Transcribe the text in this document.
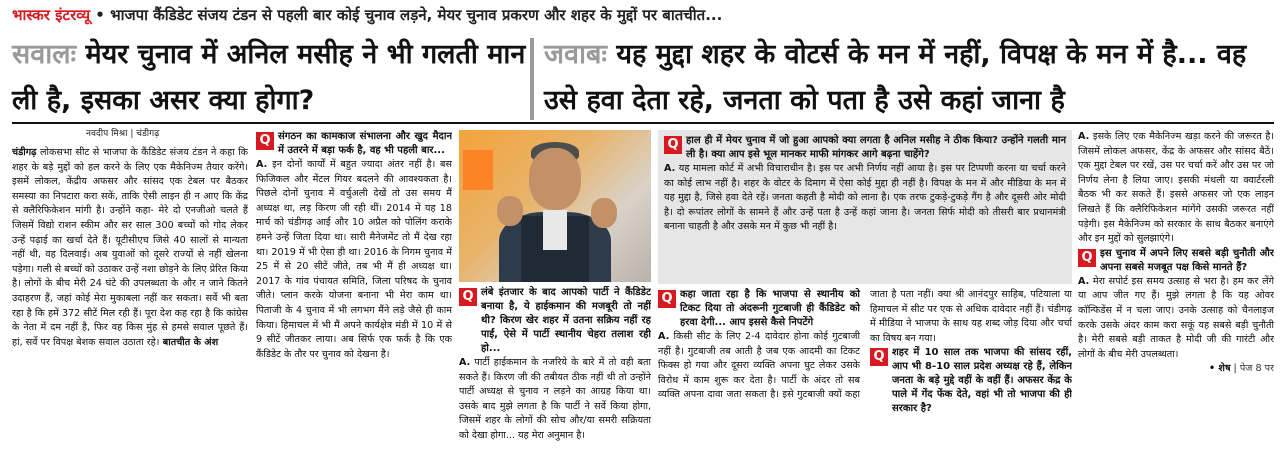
भास्कर इंटरव्यू • भाजपा कैंडिडेट संजय टंडन से पहली बार कोई चुनाव लड़ने, मेयर चुनाव प्रकरण और शहर के मुद्दों पर बातचीत...
सवालः मेयर चुनाव में अनिल मसीह ने भी गलती मान ली है, इसका असर क्या होगा?
जवाबः यह मुद्दा शहर के वोटर्स के मन में नहीं, विपक्ष के मन में है... वह उसे हवा देता रहे, जनता को पता है उसे कहां जाना है
नवदीप मिश्रा | चंडीगढ़

चंडीगढ़ लोकसभा सीट से भाजपा के कैंडिडेट संजय टंडन ने कहा कि शहर के बड़े मुद्दों को हल करने के लिए एक मैकेनिज्म तैयार करेंगे। इसमें लोकल, केंद्रीय अफसर और सांसद एक टेबल पर बैठकर समस्या का निपटारा करा सकें, ताकि ऐसी लाइन ही न आए कि केंद्र से क्लैरिफिकेशन मांगी है। उन्होंने कहा- मेरे दो एनजीओ चलते हैं जिसमें विद्यो राशन स्कीम और सर साल 300 बच्चों को गोद लेकर उन्हें पढ़ाई का खर्चा देते हैं। यूटीसीएच जिसे 40 सालों से मान्यता नहीं थी, वह दिलवाई। अब युवाओं को दूसरे राज्यों से नहीं खेलना पड़ेगा। गली से बच्चों को उठाकर उन्हें नशा छोड़ने के लिए प्रेरित किया है। लोगों के बीच मेरी 24 घंटे की उपलब्धता के और न जाने कितने उदाहरण हैं, जहां कोई मेरा मुकाबला नहीं कर सकता। सर्वे भी बता रहा है कि हमें 372 सीटें मिल रही हैं। पूरा देश कह रहा है कि कांग्रेस के नेता में दम नहीं है, फिर वह किस मुंह से हमसे सवाल पूछते हैं। हां, सर्वे पर विपक्ष बेशक सवाल उठाता रहे। बातचीत के अंश

Q संगठन का कामकाज संभालना और खुद मैदान में उतरने में बड़ा फर्क है, वह भी पहली बार...

A. इन दोनों कार्यों में बहुत ज्यादा अंतर नहीं है। बस फिजिकल और मेंटल गियर बदलने की आवश्यकता है। पिछले दोनों चुनाव में वर्चुअली देखें तो उस समय मैं अध्यक्ष था, लड़ किरण जी रही थीं। 2014 में यह 18 मार्च को चंडीगढ़ आईं और 10 अप्रैल को पोलिंग कराके हमने उन्हें जिता दिया था। सारी मैनेजमेंट तो मैं देख रहा था। 2019 में भी ऐसा ही था। 2016 के निगम चुनाव में 25 में से 20 सीटें जीते, तब भी मैं ही अध्यक्ष था। 2017 के गांव पंचायत समिति, जिला परिषद के चुनाव जीते। प्लान करके योजना बनाना भी मेरा काम था। पिताजी के 4 चुनाव में भी लगभग मैंने लड़े जैसे ही काम किया। हिमाचल में भी मैं अपने कार्यक्षेत्र मंडी में 10 में से 9 सीटें जीतकर लाया। अब सिर्फ एक फर्क है कि एक कैंडिडेट के तौर पर चुनाव को देखना है।

Q लंबे इंतजार के बाद आपको पार्टी ने कैंडिडेट बनाया है, ये हाईकमान की मजबूरी तो नहीं थी? किरण खेर शहर में उतना सक्रिय नहीं रह पाईं, ऐसे में पार्टी स्थानीय चेहरा तलाश रही हो...

A. पार्टी हाईकमान के नजरिये के बारे में तो वही बता सकते हैं। किरण जी की तबीयत ठीक नहीं थी तो उन्होंने पार्टी अध्यक्ष से चुनाव न लड़ने का आग्रह किया था। उसके बाद मुझे लगता है कि पार्टी ने सर्वे किया होगा, जिसमें शहर के लोगों की सोच और/या समरी सक्रियता को देखा होगा... यह मेरा अनुमान है।

Q हाल ही में मेयर चुनाव में जो हुआ आपको क्या लगता है अनिल मसीह ने ठीक किया? उन्होंने गलती मान ली है। क्या आप इसे भूल मानकर माफी मांगकर आगे बढ़ना चाहेंगे?

A. यह मामला कोर्ट में अभी विचाराधीन है। इस पर अभी निर्णय नहीं आया है। इस पर टिप्पणी करना या चर्चा करने का कोई लाभ नहीं है। शहर के वोटर के दिमाग में ऐसा कोई मुद्दा ही नहीं है। विपक्ष के मन में और मीडिया के मन में यह मुद्दा है, जिसे हवा देते रहें। जनता कहती है मोदी को लाना है। एक तरफ टुकड़े-टुकड़े गैंग है और दूसरी ओर मोदी है। दो रूपांतर लोगों के सामने हैं और उन्हें पता है उन्हें कहां जाना है। जनता सिर्फ मोदी को तीसरी बार प्रधानमंत्री बनाना चाहती है और उसके मन में कुछ भी नहीं है।

Q कहा जाता रहा है कि भाजपा से स्थानीय को टिकट दिया तो अंदरूनी गुटबाजी ही कैंडिडेट को हरवा देगी... आप इससे कैसे निपटेंगे

A. किसी सीट के लिए 2-4 दावेदार होना कोई गुटबाजी नहीं है। गुटबाजी तब आती है जब एक आदमी का टिकट फिक्स हो गया और दूसरा व्यक्ति अपना घुट लेकर उसके विरोध में काम शुरू कर देता है। पार्टी के अंदर तो सब व्यक्ति अपना दावा जता सकता है। इसे गुटबाजी क्यों कहा जाता है पता नहीं। क्या श्री आनंदपुर साहिब, पटियाला या हिमाचल में सीट पर एक से अधिक दावेदार नहीं हैं। चंडीगढ़ में मीडिया ने भाजपा के साथ यह शब्द जोड़ दिया और चर्चा का विषय बन गया।

Q शहर में 10 साल तक भाजपा की सांसद रहीं, आप भी 8-10 साल प्रदेश अध्यक्ष रहे हैं, लेकिन जनता के बड़े मुद्दे वहीं के वहीं हैं। अफसर केंद्र के पाले में गेंद फेंक देते, वहां भी तो भाजपा की ही सरकार है?

A. इसके लिए एक मैकेनिज्म खड़ा करने की जरूरत है। जिसमें लोकल अफसर, केंद्र के अफसर और सांसद बैठें। एक मुद्दा टेबल पर रखें, उस पर चर्चा करें और उस पर जो निर्णय लेना है लिया जाए। इसकी मंथली या क्वार्टरली बैठक भी कर सकते हैं। इससे अफसर जो एक लाइन लिखते हैं कि क्लैरिफिकेशन मांगेंगे उसकी जरूरत नहीं पड़ेगी। इस मैकेनिज्म को सरकार के साथ बैठकर बनाएंगे और इन मुद्दों को सुलझाएंगे।

Q इस चुनाव में अपने लिए सबसे बड़ी चुनौती और अपना सबसे मजबूत पक्ष किसे मानते हैं?

A. मेरा सपोर्ट इस समय उत्साह से भरा है। हम कर लेंगे या आप जीत गए हैं। मुझे लगता है कि यह ओवर कॉन्फिडेंस में न चला जाए। उनके उत्साह को चैनलाइज करके उसके अंदर काम करा सकूं यह सबसे बड़ी चुनौती है। मेरी सबसे बड़ी ताकत है मोदी जी की गारंटी और लोगों के बीच मेरी उपलब्धता।

• शेष | पेज 8 पर
